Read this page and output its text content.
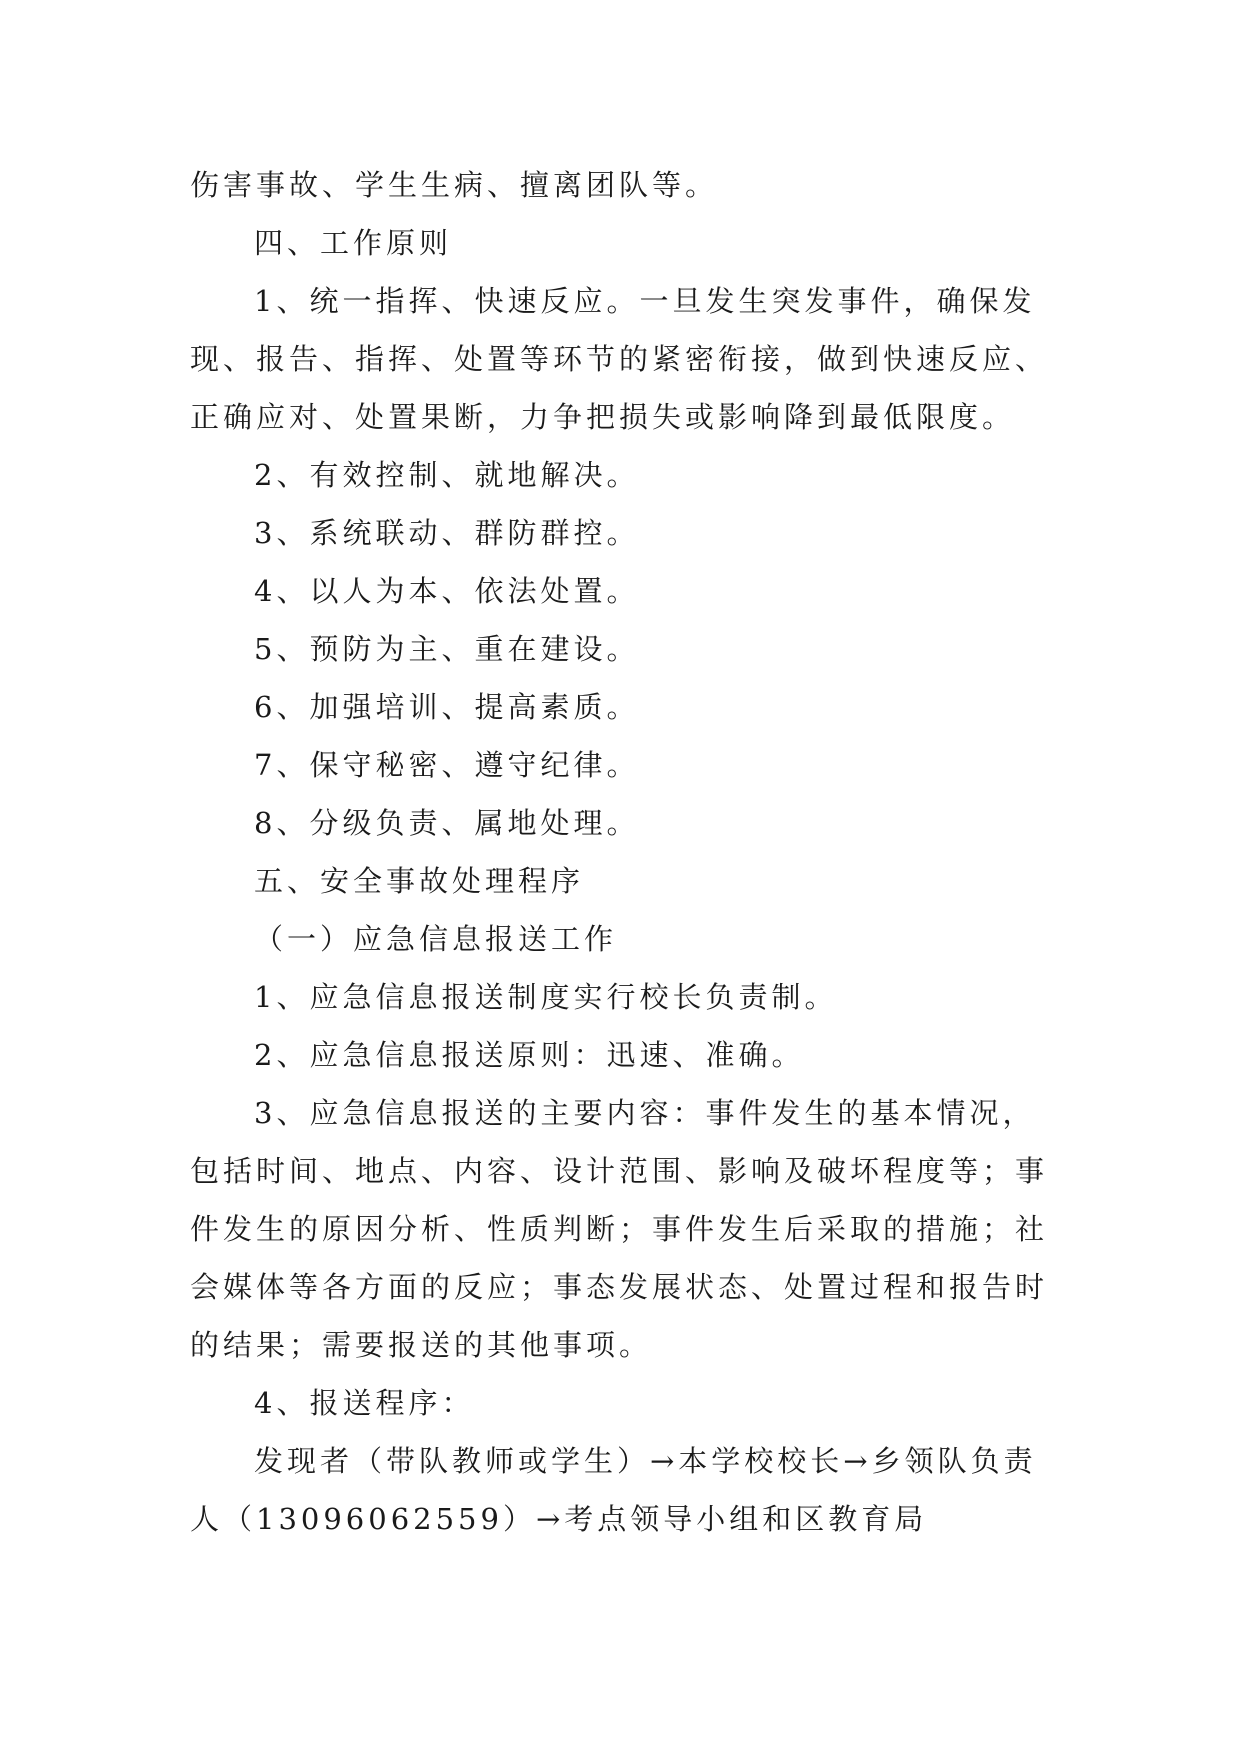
伤害事故、学生生病、擅离团队等。
四、工作原则
1、统一指挥、快速反应。一旦发生突发事件，确保发
现、报告、指挥、处置等环节的紧密衔接，做到快速反应、
正确应对、处置果断，力争把损失或影响降到最低限度。
2、有效控制、就地解决。
3、系统联动、群防群控。
4、以人为本、依法处置。
5、预防为主、重在建设。
6、加强培训、提高素质。
7、保守秘密、遵守纪律。
8、分级负责、属地处理。
五、安全事故处理程序
（一）应急信息报送工作
1、应急信息报送制度实行校长负责制。
2、应急信息报送原则：迅速、准确。
3、应急信息报送的主要内容：事件发生的基本情况，
包括时间、地点、内容、设计范围、影响及破坏程度等；事
件发生的原因分析、性质判断；事件发生后采取的措施；社
会媒体等各方面的反应；事态发展状态、处置过程和报告时
的结果；需要报送的其他事项。
4、报送程序：
发现者（带队教师或学生）→本学校校长→乡领队负责
人（13096062559）→考点领导小组和区教育局
